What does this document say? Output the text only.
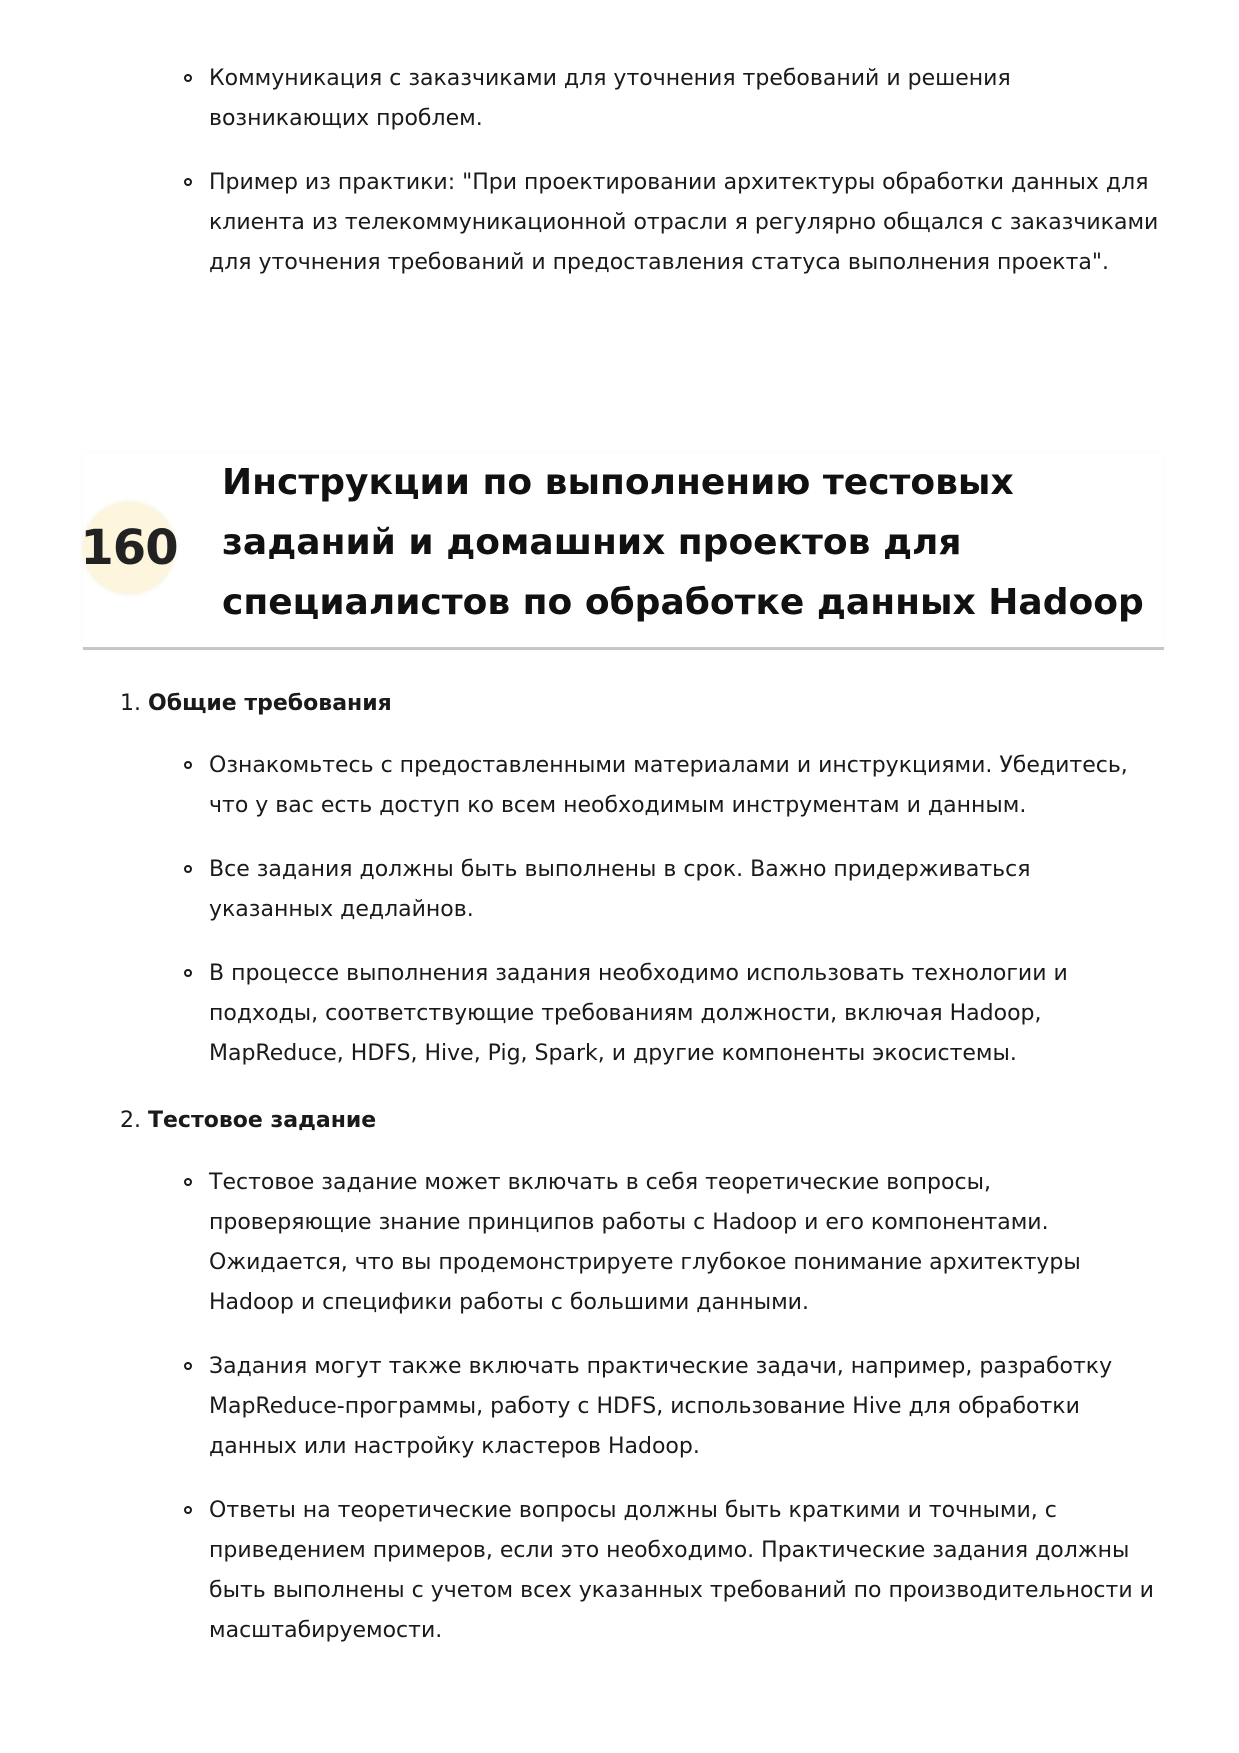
Коммуникация с заказчиками для уточнения требований и решения возникающих проблем.
Пример из практики: "При проектировании архитектуры обработки данных для клиента из телекоммуникационной отрасли я регулярно общался с заказчиками для уточнения требований и предоставления статуса выполнения проекта".
160
Инструкции по выполнению тестовых заданий и домашних проектов для специалистов по обработке данных Hadoop

1. Общие требования

Ознакомьтесь с предоставленными материалами и инструкциями. Убедитесь, что у вас есть доступ ко всем необходимым инструментам и данным.
Все задания должны быть выполнены в срок. Важно придерживаться указанных дедлайнов.
В процессе выполнения задания необходимо использовать технологии и подходы, соответствующие требованиям должности, включая Hadoop, MapReduce, HDFS, Hive, Pig, Spark, и другие компоненты экосистемы.

2. Тестовое задание

Тестовое задание может включать в себя теоретические вопросы, проверяющие знание принципов работы с Hadoop и его компонентами. Ожидается, что вы продемонстрируете глубокое понимание архитектуры Hadoop и специфики работы с большими данными.
Задания могут также включать практические задачи, например, разработку MapReduce-программы, работу с HDFS, использование Hive для обработки данных или настройку кластеров Hadoop.
Ответы на теоретические вопросы должны быть краткими и точными, с приведением примеров, если это необходимо. Практические задания должны быть выполнены с учетом всех указанных требований по производительности и масштабируемости.
